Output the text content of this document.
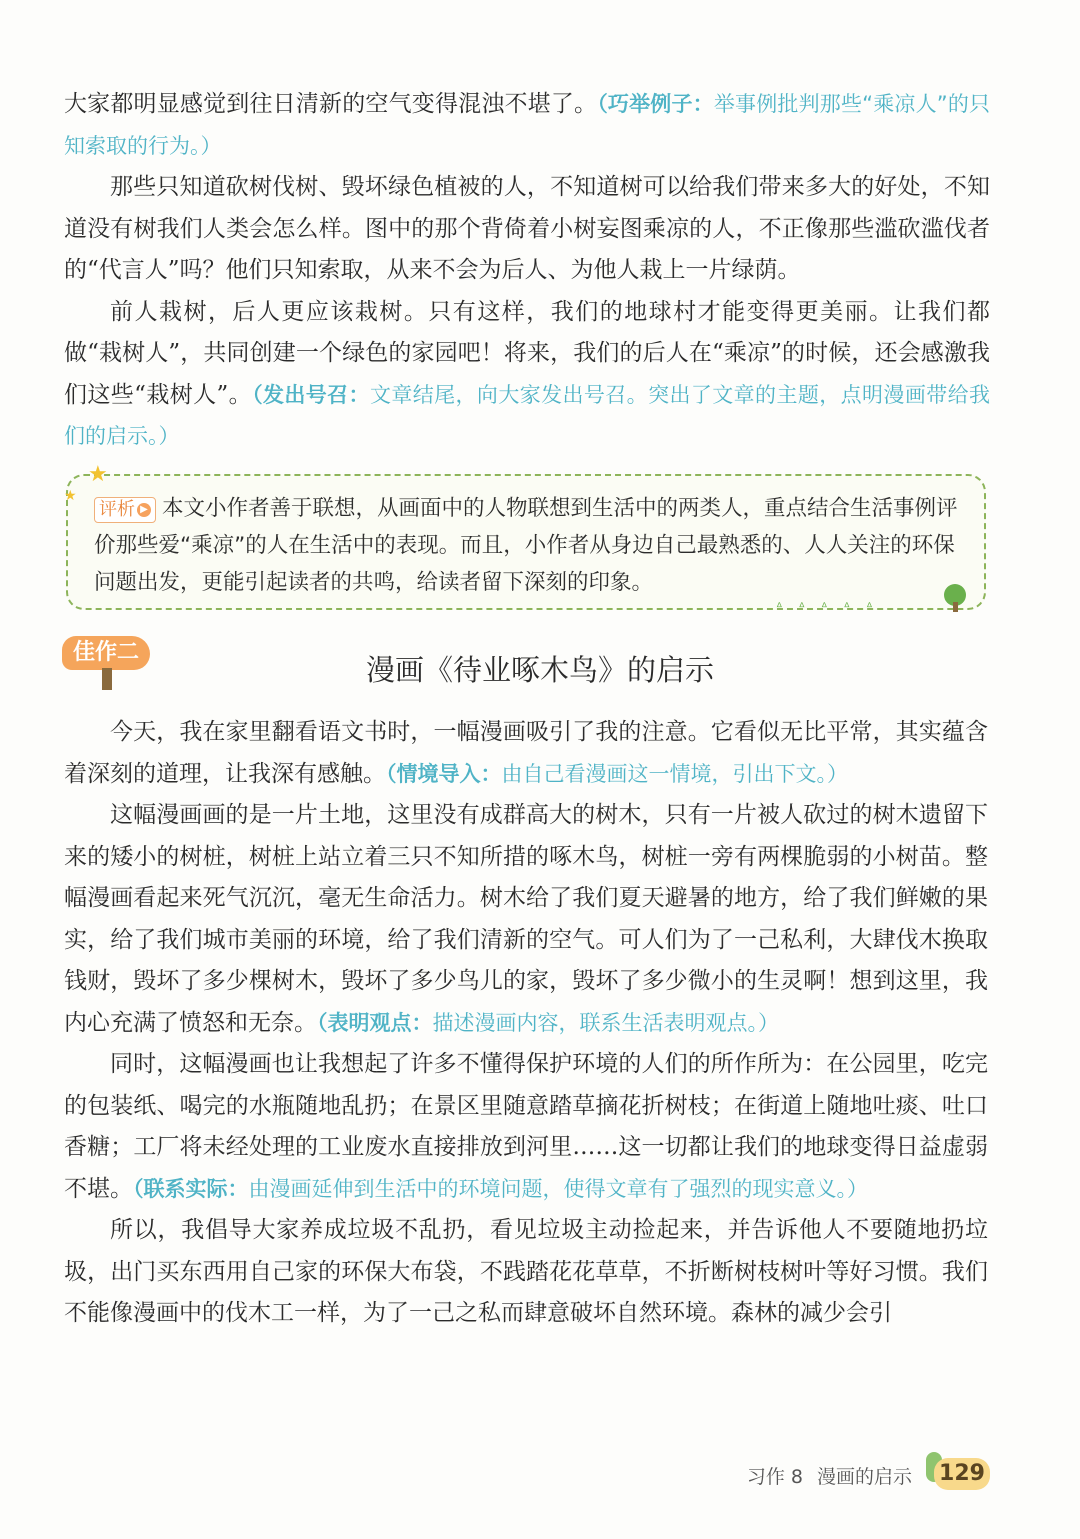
大家都明显感觉到往日清新的空气变得混浊不堪了。（巧举例子：举事例批判那些“乘凉人”的只知索取的行为。）

那些只知道砍树伐树、毁坏绿色植被的人，不知道树可以给我们带来多大的好处，不知道没有树我们人类会怎么样。图中的那个背倚着小树妄图乘凉的人，不正像那些滥砍滥伐者的“代言人”吗？他们只知索取，从来不会为后人、为他人栽上一片绿荫。

前人栽树，后人更应该栽树。只有这样，我们的地球村才能变得更美丽。让我们都做“栽树人”，共同创建一个绿色的家园吧！将来，我们的后人在“乘凉”的时候，还会感激我们这些“栽树人”。（发出号召：文章结尾，向大家发出号召。突出了文章的主题，点明漫画带给我们的启示。）

评析 ▶ 本文小作者善于联想，从画面中的人物联想到生活中的两类人，重点结合生活事例评价那些爱“乘凉”的人在生活中的表现。而且，小作者从身边自己最熟悉的、人人关注的环保问题出发，更能引起读者的共鸣，给读者留下深刻的印象。
★
★
ᐞᐞᐞᐞᐞ
佳作二
漫画《待业啄木鸟》的启示

今天，我在家里翻看语文书时，一幅漫画吸引了我的注意。它看似无比平常，其实蕴含着深刻的道理，让我深有感触。（情境导入：由自己看漫画这一情境，引出下文。）

这幅漫画画的是一片土地，这里没有成群高大的树木，只有一片被人砍过的树木遗留下来的矮小的树桩，树桩上站立着三只不知所措的啄木鸟，树桩一旁有两棵脆弱的小树苗。整幅漫画看起来死气沉沉，毫无生命活力。树木给了我们夏天避暑的地方，给了我们鲜嫩的果实，给了我们城市美丽的环境，给了我们清新的空气。可人们为了一己私利，大肆伐木换取钱财，毁坏了多少棵树木，毁坏了多少鸟儿的家，毁坏了多少微小的生灵啊！想到这里，我内心充满了愤怒和无奈。（表明观点：描述漫画内容，联系生活表明观点。）

同时，这幅漫画也让我想起了许多不懂得保护环境的人们的所作所为：在公园里，吃完的包装纸、喝完的水瓶随地乱扔；在景区里随意踏草摘花折树枝；在街道上随地吐痰、吐口香糖；工厂将未经处理的工业废水直接排放到河里……这一切都让我们的地球变得日益虚弱不堪。（联系实际：由漫画延伸到生活中的环境问题，使得文章有了强烈的现实意义。）

所以，我倡导大家养成垃圾不乱扔，看见垃圾主动捡起来，并告诉他人不要随地扔垃圾，出门买东西用自己家的环保大布袋，不践踏花花草草，不折断树枝树叶等好习惯。我们不能像漫画中的伐木工一样，为了一己之私而肆意破坏自然环境。森林的减少会引

习作 8 漫画的启示	129
